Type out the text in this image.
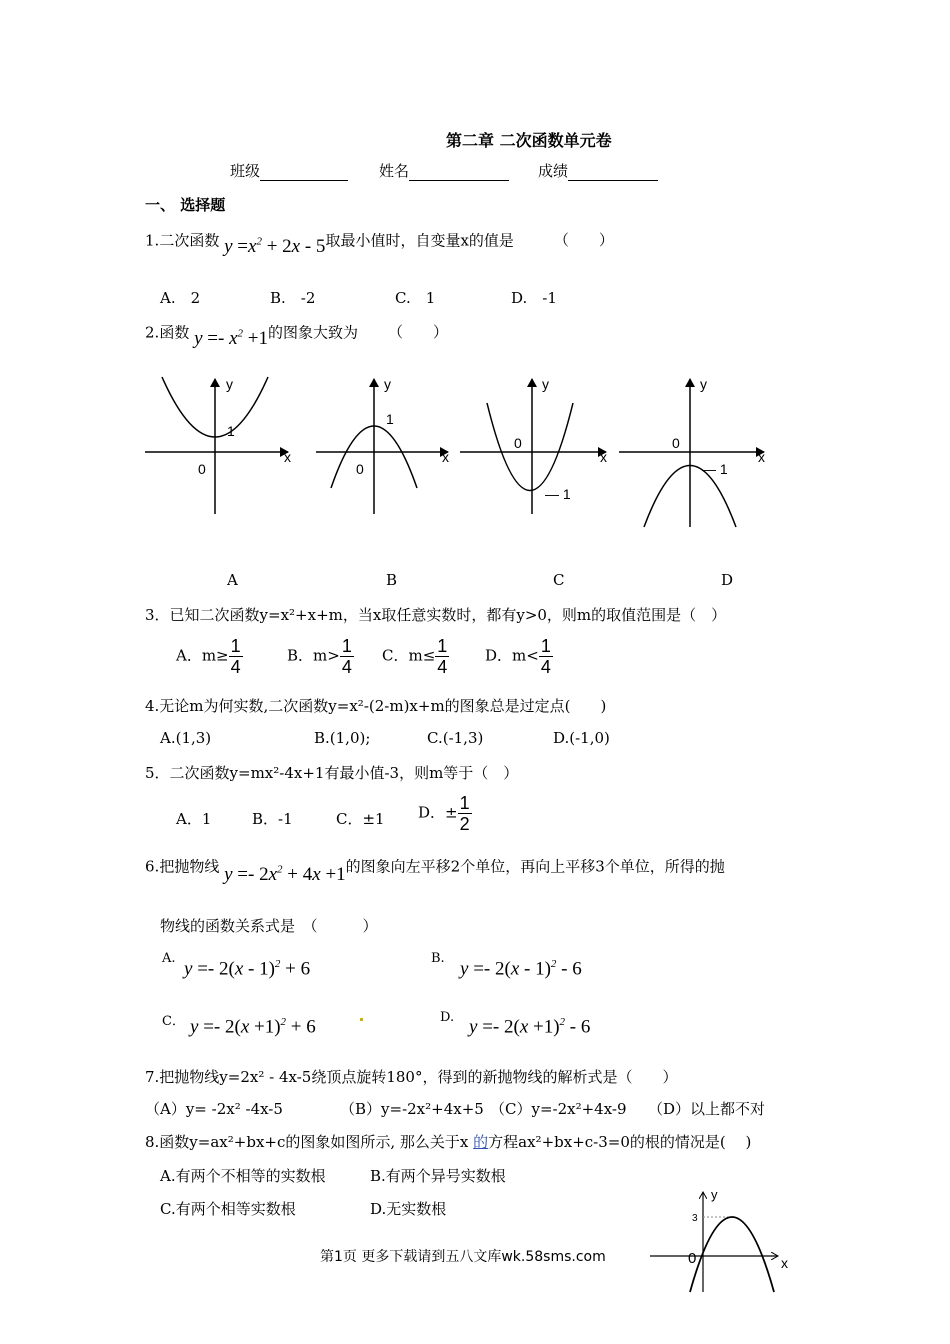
第二章 二次函数单元卷
班级	姓名	成绩
一、 选择题
1.二次函数 $y =x^2 + 2x - 5$取最小值时，自变量x的值是	（　　）
A.　2	B.　-2	C.　1	D.　-1
2.函数 $y =- x^2 +1$的图象大致为 （　　）
y
x
0
1
y
x
0
1
y
x
0
— 1
y
x
0
— 1
A	B	C	D
3．已知二次函数y=x²+x+m，当x取任意实数时，都有y>0，则m的取值范围是（　）
A．$m\ge \frac{1}{4}$	B．$m> \frac{1}{4}$ C．$m\le \frac{1}{4}$ D．$m< \frac{1}{4}$
4.无论m为何实数,二次函数y=x²-(2-m)x+m的图象总是过定点(　　)
A.(1,3)	B.(1,0);	C.(-1,3)	D.(-1,0)
5．二次函数y=mx²-4x+1有最小值-3，则m等于（　）
A．1	B．-1	C．±1 D．± $\frac{1}{2}$
6.把抛物线 $y =- 2x^2 + 4x +1$的图象向左平移2个单位，再向上平移3个单位，所得的抛
物线的函数关系式是　（　　　）
A. y =- 2(x - 1)$^2$ + 6	B. y =- 2(x - 1)$^2$ - 6
C． $y =- 2(x +1)^2 + 6$	D. $y =- 2(x +1)^2 - 6$
7.把抛物线y=2x² - 4x-5绕顶点旋转180°，得到的新抛物线的解析式是（　　）
（A）y= -2x² -4x-5	（B）y=-2x²+4x+5 （C）y=-2x²+4x-9 （D）以上都不对
8.函数y=ax²+bx+c的图象如图所示, 那么关于x 的方程ax²+bx+c-3=0的根的情况是(　 )
A.有两个不相等的实数根	B.有两个异号实数根
C.有两个相等实数根	D.无实数根
y
x
3
0
第1页 更多下载请到五八文库wk.58sms.com
